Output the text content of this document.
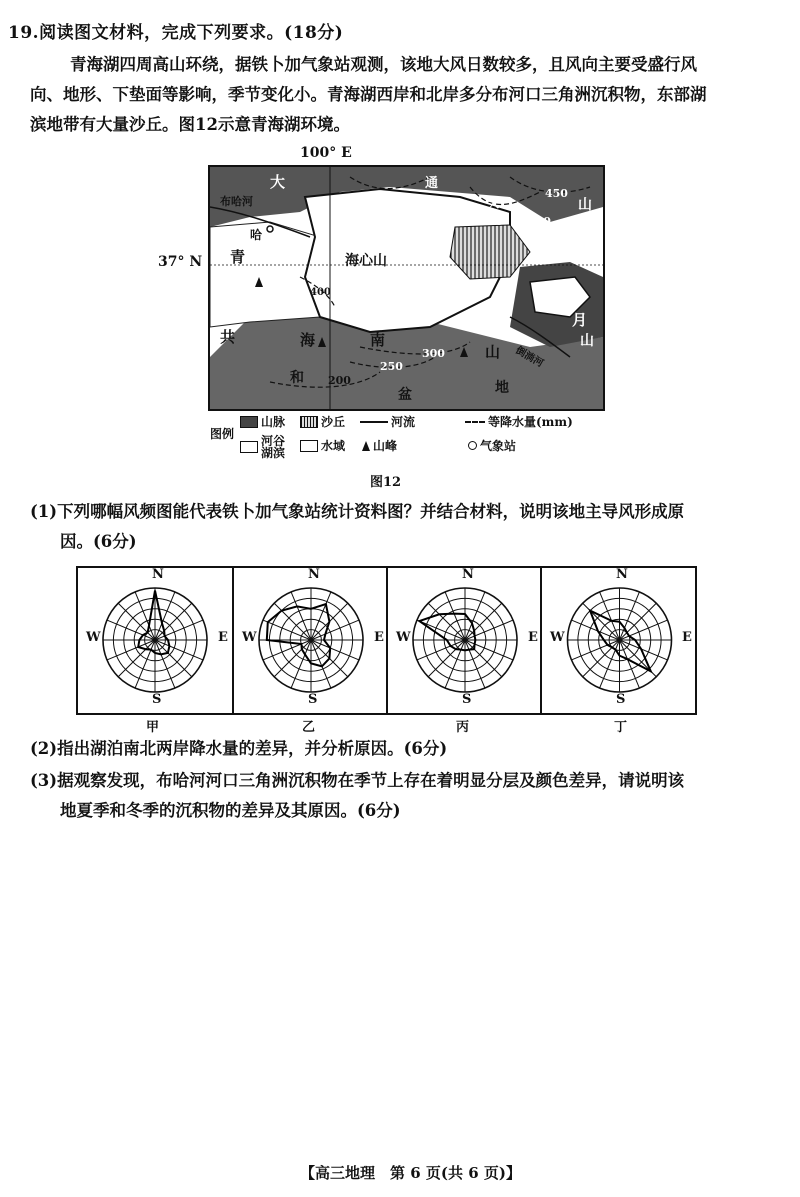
19.阅读图文材料，完成下列要求。(18分)
青海湖四周高山环绕，据铁卜加气象站观测，该地大风日数较多，且风向主要受盛行风
向、地形、下垫面等影响，季节变化小。青海湖西岸和北岸多分布河口三角洲沉积物，东部湖
滨地带有大量沙丘。图12示意青海湖环境。
100° E
37° N
大	通
山
布哈河
哈
青	海心山
海	南
山
共
和
盆	地
山
日
月
山
倒淌河
大
350
400
450
400
300
250
200
400
图例
山脉	沙丘	河流	等降水量(mm)
河谷湖滨	水域 山峰	气象站
图12
(1)下列哪幅风频图能代表铁卜加气象站统计资料图？并结合材料，说明该地主导风形成原
因。(6分)
N
S
W	E
N
S
W	E
N
S
W	E
N
S
W	E
甲	乙	丙	丁
(2)指出湖泊南北两岸降水量的差异，并分析原因。(6分)
(3)据观察发现，布哈河河口三角洲沉积物在季节上存在着明显分层及颜色差异，请说明该
地夏季和冬季的沉积物的差异及其原因。(6分)
【高三地理　第 6 页(共 6 页)】
